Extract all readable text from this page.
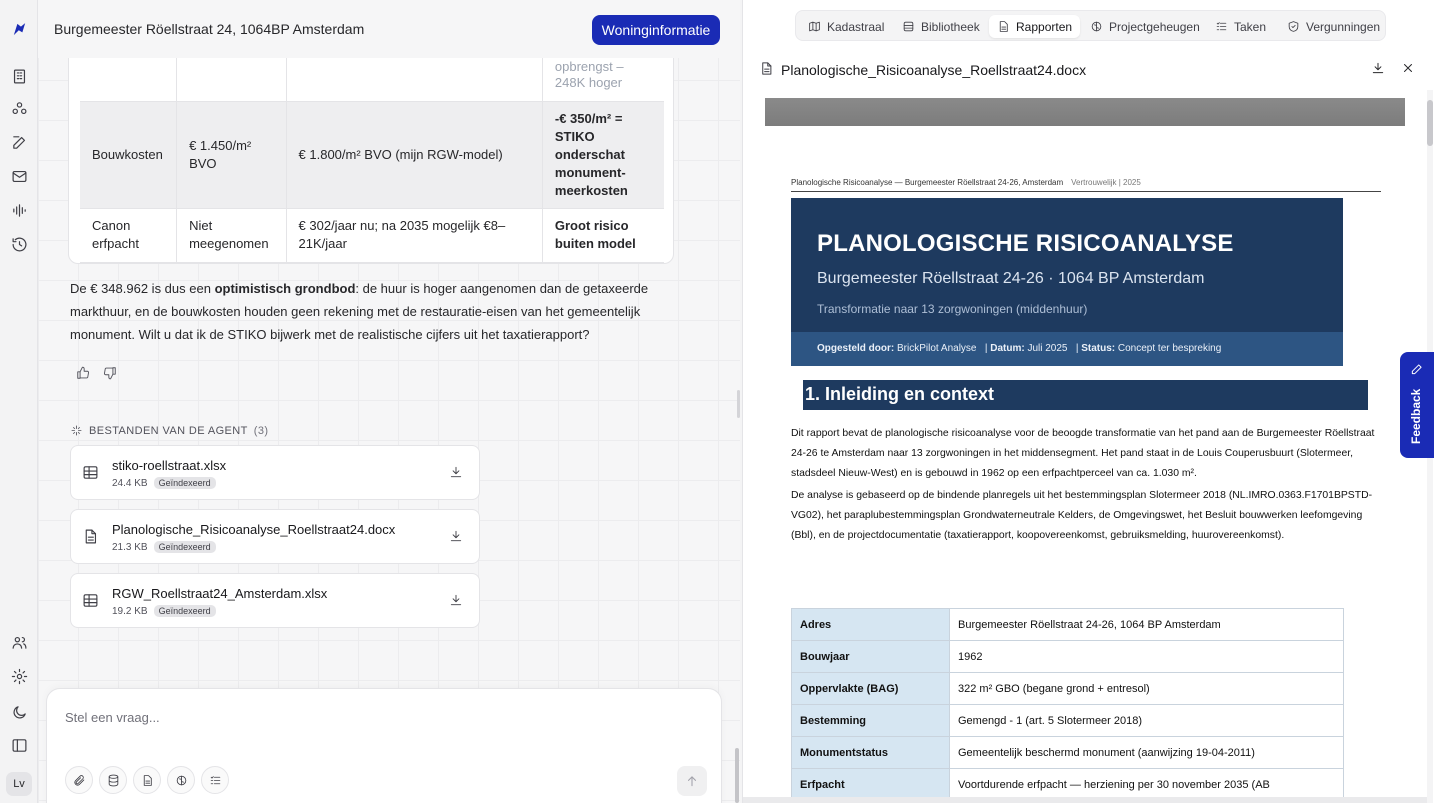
Lv

			opbrengst –
248K hoger

Bouwkosten	€ 1.450/m² BVO	€ 1.800/m² BVO (mijn RGW-model)	-€ 350/m² = STIKO onderschat monument-meerkosten
Canon erfpacht	Niet meegenomen	€ 302/jaar nu; na 2035 mogelijk €8–21K/jaar	Groot risico buiten model
Burgemeester Röellstraat 24, 1064BP Amsterdam	Woninginformatie
De € 348.962 is dus een optimistisch grondbod: de huur is hoger aangenomen dan de getaxeerde markthuur, en de bouwkosten houden geen rekening met de restauratie-eisen van het gemeentelijk monument. Wilt u dat ik de STIKO bijwerk met de realistische cijfers uit het taxatierapport?
BESTANDEN VAN DE AGENT (3)
stiko-roellstraat.xlsx
24.4 KB	Geïndexeerd
Planologische_Risicoanalyse_Roellstraat24.docx
21.3 KB	Geïndexeerd
RGW_Roellstraat24_Amsterdam.xlsx
19.2 KB	Geïndexeerd
Stel een vraag...
Kadastraal	Bibliotheek	Rapporten	Projectgeheugen	Taken	Vergunningen
Planologische_Risicoanalyse_Roellstraat24.docx
Planologische Risicoanalyse — Burgemeester Röellstraat 24-26, Amsterdam Vertrouwelijk | 2025
PLANOLOGISCHE RISICOANALYSE
Burgemeester Röellstraat 24-26 · 1064 BP Amsterdam
Transformatie naar 13 zorgwoningen (middenhuur)
Opgesteld door: BrickPilot Analyse   | Datum: Juli 2025   | Status: Concept ter bespreking
1. Inleiding en context

Dit rapport bevat de planologische risicoanalyse voor de beoogde transformatie van het pand aan de Burgemeester Röellstraat 24-26 te Amsterdam naar 13 zorgwoningen in het middensegment. Het pand staat in de Louis Couperusbuurt (Slotermeer, stadsdeel Nieuw-West) en is gebouwd in 1962 op een erfpachtperceel van ca. 1.030 m².

De analyse is gebaseerd op de bindende planregels uit het bestemmingsplan Slotermeer 2018 (NL.IMRO.0363.F1701BPSTD-VG02), het paraplubestemmingsplan Grondwaterneutrale Kelders, de Omgevingswet, het Besluit bouwwerken leefomgeving (Bbl), en de projectdocumentatie (taxatierapport, koopovereenkomst, gebruiksmelding, huurovereenkomst).

Adres	Burgemeester Röellstraat 24-26, 1064 BP Amsterdam
Bouwjaar	1962
Oppervlakte (BAG)	322 m² GBO (begane grond + entresol)
Bestemming	Gemengd - 1 (art. 5 Slotermeer 2018)
Monumentstatus	Gemeentelijk beschermd monument (aanwijzing 19-04-2011)
Erfpacht	Voortdurende erfpacht — herziening per 30 november 2035 (AB
Feedback
